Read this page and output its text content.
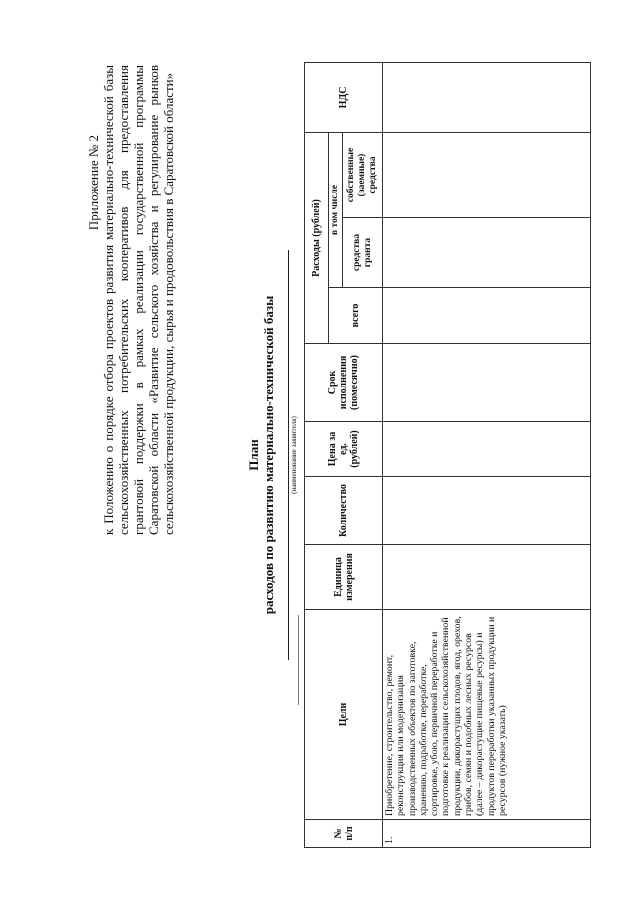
Приложение № 2 к Положению о порядке отбора проектов развития материально-технической базы сельскохозяйственных потребительских кооперативов для предоставления грантовой поддержки в рамках реализации государственной программы Саратовской области «Развитие сельского хозяйства и регулирование рынков сельскохозяйственной продукции, сырья и продовольствия в Саратовской области»	План расходов по развитию материально-технической базы (наименование заявителя)
№ п/п	Цели	Единица измерения	Количество	Цена за ед. (рублей)	Срок исполнения (помесячно)	Расходы (рублей)			НДС
						всего	в том числе		
							средства гранта	собственные (заемные) средства	
1.	Приобретение, строительство, ремонт, реконструкция или модернизация производственных объектов по заготовке, хранению, подработке, переработке, сортировке, убою, первичной переработке и подготовке к реализации сельскохозяйственной продукции, дикорастущих плодов, ягод, орехов, грибов, семян и подобных лесных ресурсов (далее – дикорастущие пищевые ресурсы) и продуктов переработки указанных продукции и ресурсов (нужное указать)								
